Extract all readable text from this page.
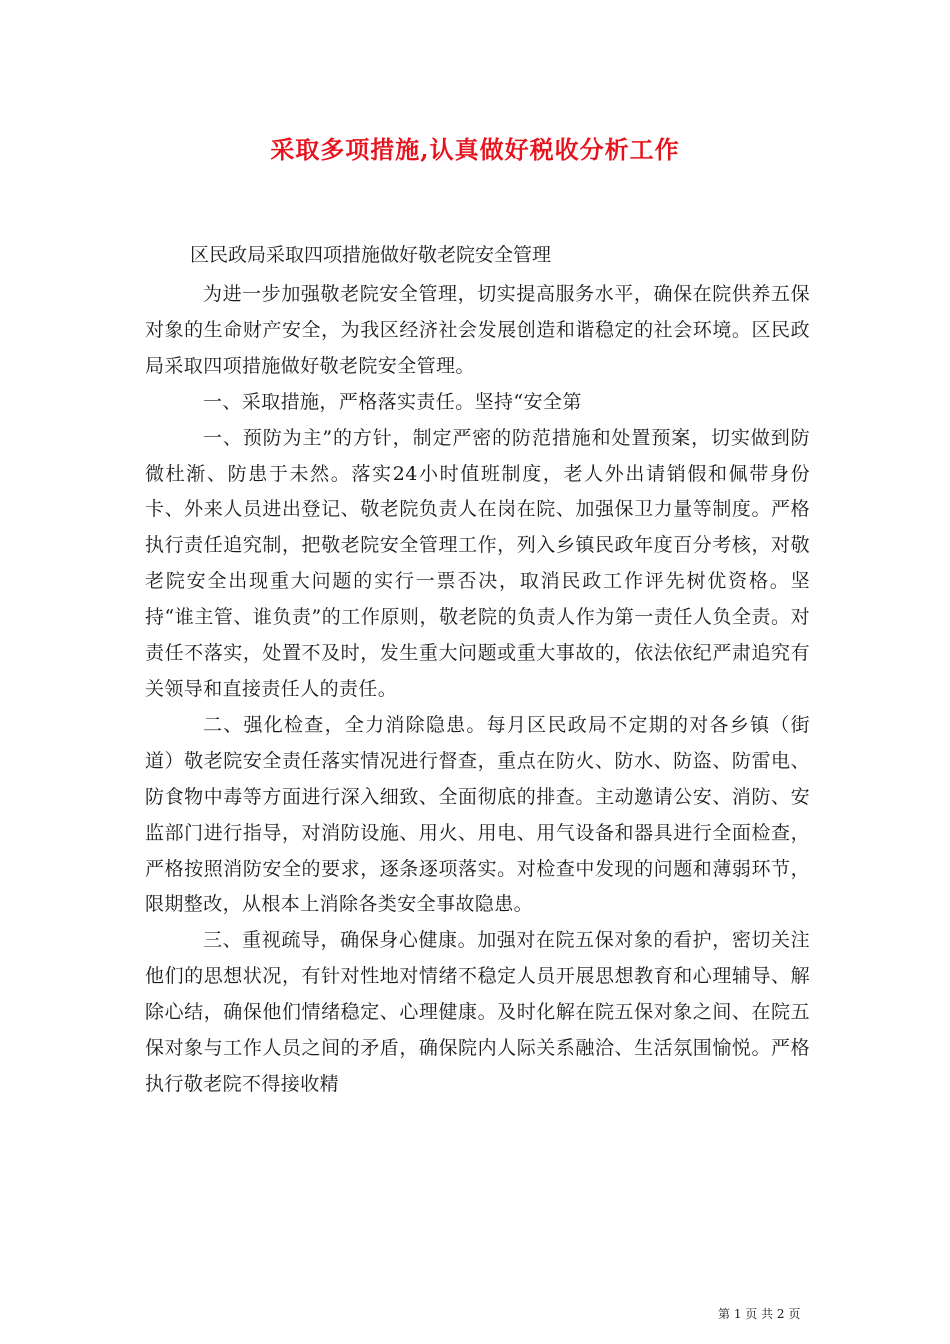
采取多项措施,认真做好税收分析工作
区民政局采取四项措施做好敬老院安全管理

为进一步加强敬老院安全管理，切实提高服务水平，确保在院供养五保对象的生命财产安全，为我区经济社会发展创造和谐稳定的社会环境。区民政局采取四项措施做好敬老院安全管理。

一、采取措施，严格落实责任。坚持“安全第

一、预防为主”的方针，制定严密的防范措施和处置预案，切实做到防微杜渐、防患于未然。落实24小时值班制度，老人外出请销假和佩带身份卡、外来人员进出登记、敬老院负责人在岗在院、加强保卫力量等制度。严格执行责任追究制，把敬老院安全管理工作，列入乡镇民政年度百分考核，对敬老院安全出现重大问题的实行一票否决，取消民政工作评先树优资格。坚持“谁主管、谁负责”的工作原则，敬老院的负责人作为第一责任人负全责。对责任不落实，处置不及时，发生重大问题或重大事故的，依法依纪严肃追究有关领导和直接责任人的责任。

二、强化检查，全力消除隐患。每月区民政局不定期的对各乡镇（街道）敬老院安全责任落实情况进行督查，重点在防火、防水、防盗、防雷电、防食物中毒等方面进行深入细致、全面彻底的排查。主动邀请公安、消防、安监部门进行指导，对消防设施、用火、用电、用气设备和器具进行全面检查，严格按照消防安全的要求，逐条逐项落实。对检查中发现的问题和薄弱环节，限期整改，从根本上消除各类安全事故隐患。

三、重视疏导，确保身心健康。加强对在院五保对象的看护，密切关注他们的思想状况，有针对性地对情绪不稳定人员开展思想教育和心理辅导、解除心结，确保他们情绪稳定、心理健康。及时化解在院五保对象之间、在院五保对象与工作人员之间的矛盾，确保院内人际关系融洽、生活氛围愉悦。严格执行敬老院不得接收精

第 1 页 共 2 页
